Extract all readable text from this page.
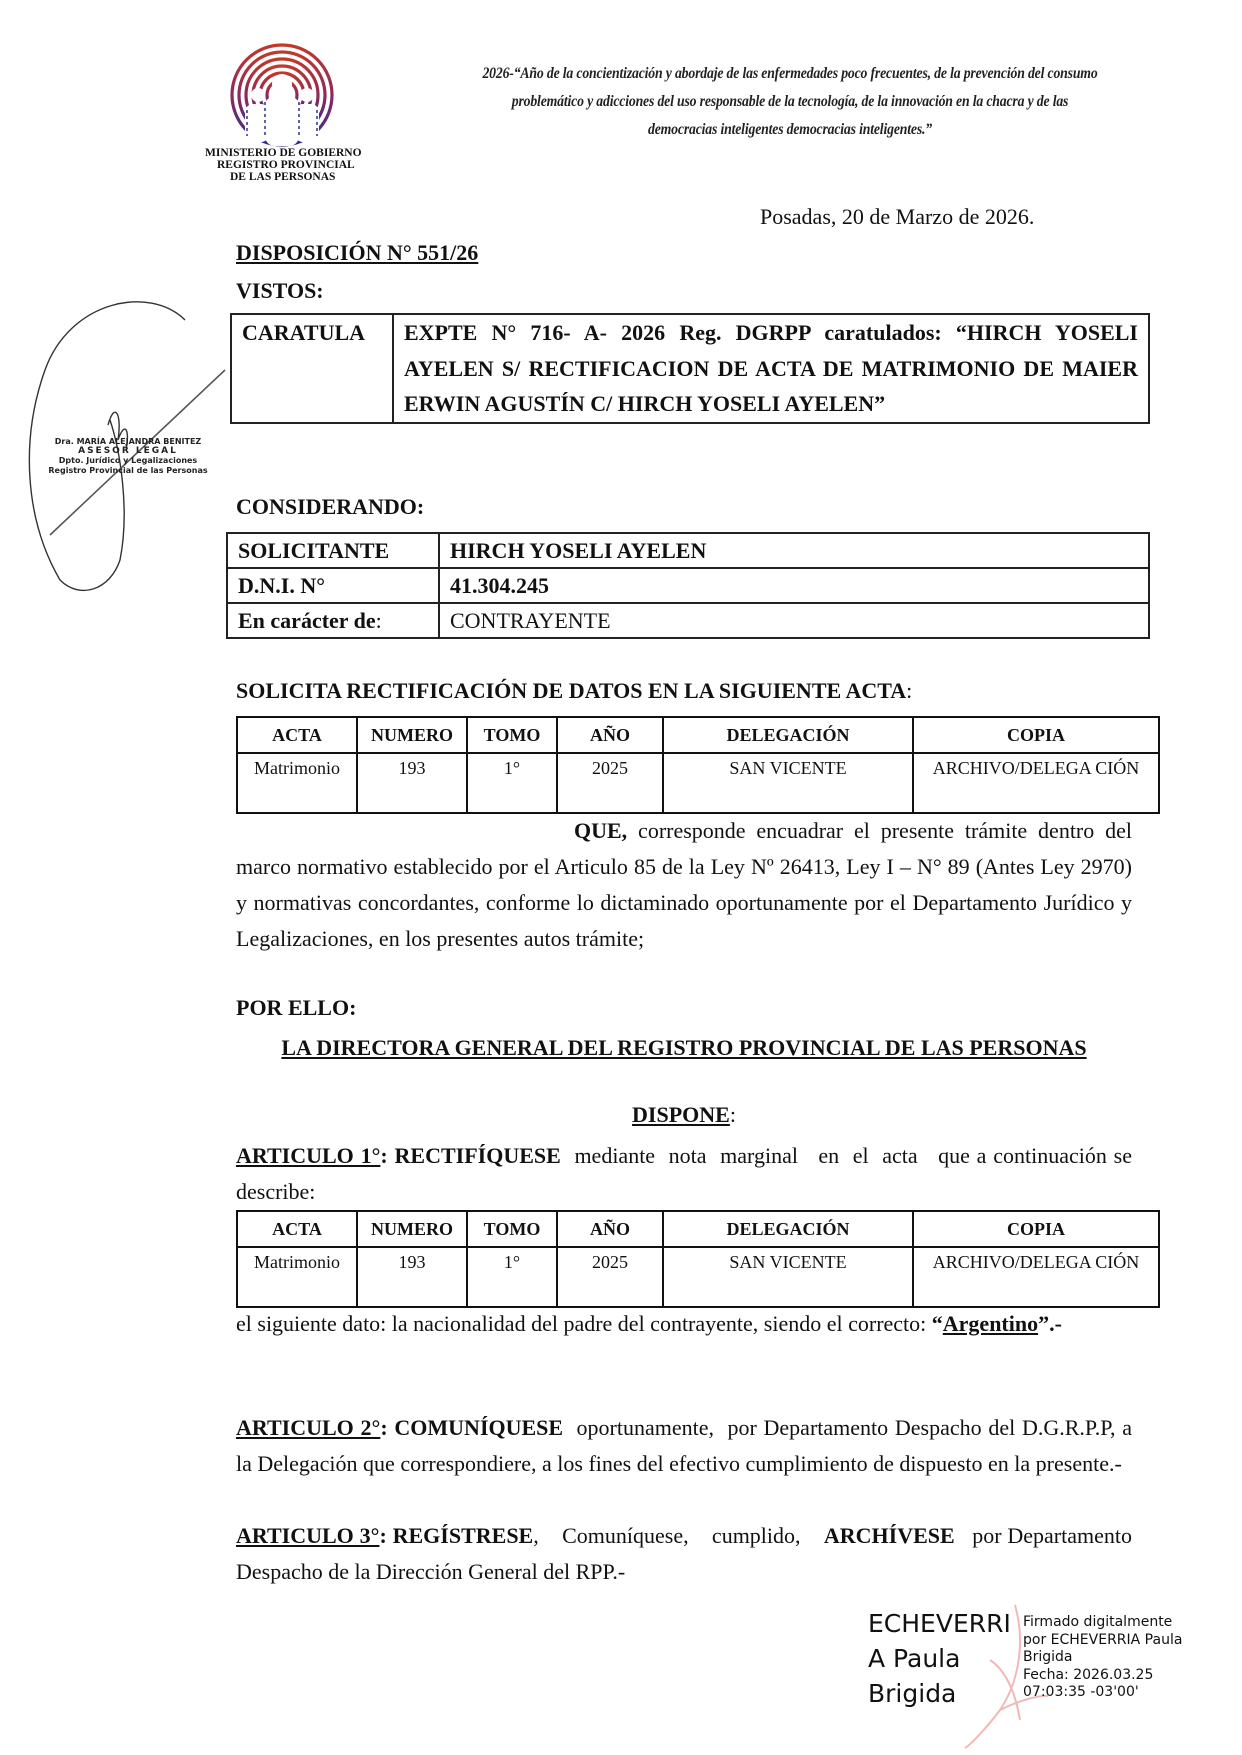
MINISTERIO DE GOBIERNO
REGISTRO PROVINCIAL
DE LAS PERSONAS
2026-“Año de la concientización y abordaje de las enfermedades poco frecuentes, de la prevención del consumo
problemático y adicciones del uso responsable de la tecnología, de la innovación en la chacra y de las
democracias inteligentes democracias inteligentes.”
Dra. MARÍA ALEJANDRA BENITEZ
ASESOR LEGAL
Dpto. Jurídico y Legalizaciones
Registro Provincial de las Personas
Posadas, 20 de Marzo de 2026.
DISPOSICIÓN N° 551/26
VISTOS:
CARATULA	EXPTE N° 716- A- 2026 Reg. DGRPP caratulados: “HIRCH YOSELI AYELEN S/ RECTIFICACION DE ACTA DE MATRIMONIO DE MAIER ERWIN AGUSTÍN C/ HIRCH YOSELI AYELEN”
CONSIDERANDO:
SOLICITANTE	HIRCH YOSELI AYELEN
D.N.I. N°	41.304.245
En carácter de:	CONTRAYENTE
SOLICITA RECTIFICACIÓN DE DATOS EN LA SIGUIENTE ACTA:
ACTA	NUMERO	TOMO	AÑO	DELEGACIÓN	COPIA
Matrimonio	193	1°	2025	SAN VICENTE	ARCHIVO/DELEGA CIÓN
QUE, corresponde encuadrar el presente trámite dentro del marco normativo establecido por el Articulo 85 de la Ley Nº 26413, Ley I – N° 89 (Antes Ley 2970) y normativas concordantes, conforme lo dictaminado oportunamente por el Departamento Jurídico y Legalizaciones, en los presentes autos trámite;
POR ELLO:
LA DIRECTORA GENERAL DEL REGISTRO PROVINCIAL DE LAS PERSONAS
DISPONE:
ARTICULO 1°: RECTIFÍQUESE  mediante  nota  marginal   en  el  acta   que a continuación se describe:
ACTA	NUMERO	TOMO	AÑO	DELEGACIÓN	COPIA
Matrimonio	193	1°	2025	SAN VICENTE	ARCHIVO/DELEGA CIÓN
el siguiente dato: la nacionalidad del padre del contrayente, siendo el correcto: “Argentino”.-
ARTICULO 2°: COMUNÍQUESE  oportunamente,  por Departamento Despacho del D.G.R.P.P, a la Delegación que correspondiere, a los fines del efectivo cumplimiento de dispuesto en la presente.-
ARTICULO 3°: REGÍSTRESE,    Comuníquese,    cumplido,    ARCHÍVESE   por Departamento Despacho de la Dirección General del RPP.-
ECHEVERRI
A Paula
Brigida
Firmado digitalmente
por ECHEVERRIA Paula
Brigida
Fecha: 2026.03.25
07:03:35 -03'00'
